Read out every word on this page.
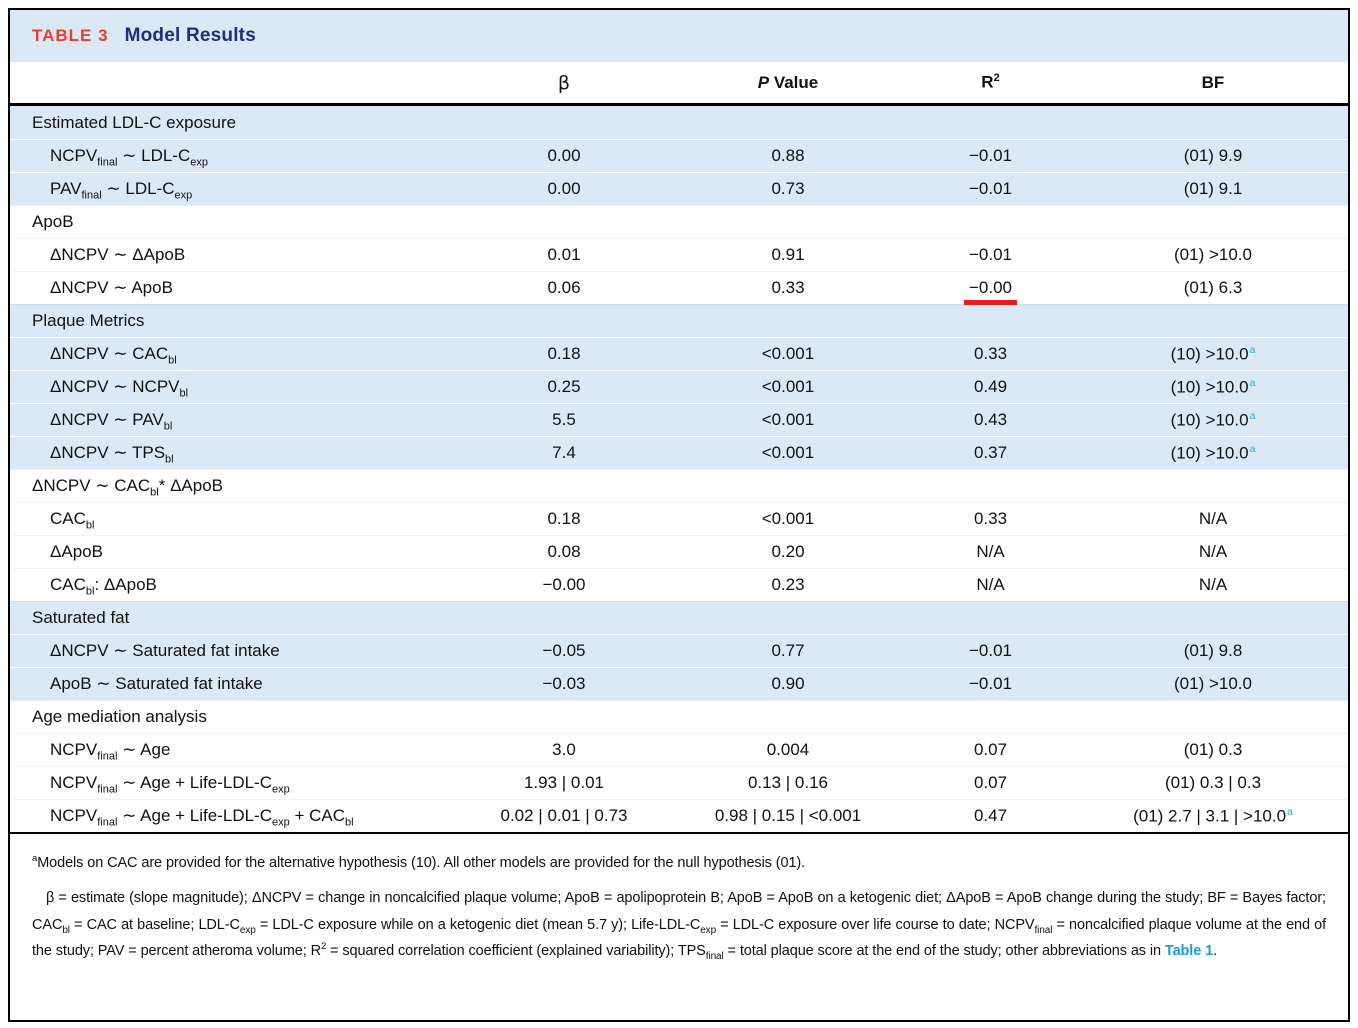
TABLE 3 Model Results
β	P Value	$R^2$	BF
Estimated LDL-C exposure
$NCPV_{final}$ ∼ LDL-$C_{exp}$	0.00	0.88	−0.01	(01) 9.9
$PAV_{final}$ ∼ LDL-$C_{exp}$	0.00	0.73	−0.01	(01) 9.1
ApoB
ΔNCPV ∼ ΔApoB	0.01	0.91	−0.01	(01) >10.0
ΔNCPV ∼ ApoB	0.06	0.33	−0.00	(01) 6.3
Plaque Metrics
ΔNCPV ∼ $CAC_{bl}$	0.18	<0.001	0.33	(10) >10.0$^a$
ΔNCPV ∼ $NCPV_{bl}$	0.25	<0.001	0.49	(10) >10.0$^a$
ΔNCPV ∼ $PAV_{bl}$	5.5	<0.001	0.43	(10) >10.0$^a$
ΔNCPV ∼ $TPS_{bl}$	7.4	<0.001	0.37	(10) >10.0$^a$
ΔNCPV ∼ $CAC_{bl}*$ ΔApoB
$CAC_{bl}$	0.18	<0.001	0.33	N/A
ΔApoB	0.08	0.20	N/A	N/A
$CAC_{bl}$: ΔApoB	−0.00	0.23	N/A	N/A
Saturated fat
ΔNCPV ∼ Saturated fat intake	−0.05	0.77	−0.01	(01) 9.8
ApoB ∼ Saturated fat intake	−0.03	0.90	−0.01	(01) >10.0
Age mediation analysis
$NCPV_{final}$ ∼ Age	3.0	0.004	0.07	(01) 0.3
$NCPV_{final}$ ∼ Age + Life-$LDL-C_{exp}$	1.93 | 0.01	0.13 | 0.16	0.07	(01) 0.3 | 0.3
$NCPV_{final}$ ∼ Age + Life-$LDL-C_{exp} + CAC_{bl}$	0.02 | 0.01 | 0.73	0.98 | 0.15 | <0.001	0.47	(01) 2.7 | 3.1 | >10.0$^a$

$^a$Models on CAC are provided for the alternative hypothesis (10). All other models are provided for the null hypothesis (01).

β = estimate (slope magnitude); ΔNCPV = change in noncalcified plaque volume; ApoB = apolipoprotein B; ApoB = ApoB on a ketogenic diet; ΔApoB = ApoB change during the study; BF = Bayes factor; $CAC_{bl}$ = CAC at baseline; LDL-$C_{exp} = LDL-C$ exposure while on a ketogenic diet (mean 5.7 y); Life-$LDL-C_{exp} = LDL-C$ exposure over life course to date; $NCPV_{final}$ = noncalcified plaque volume at the end of the study; PAV = percent atheroma volume; $R^2$ = squared correlation coefficient (explained variability); $TPS_{final}$ = total plaque score at the end of the study; other abbreviations as in Table 1.
